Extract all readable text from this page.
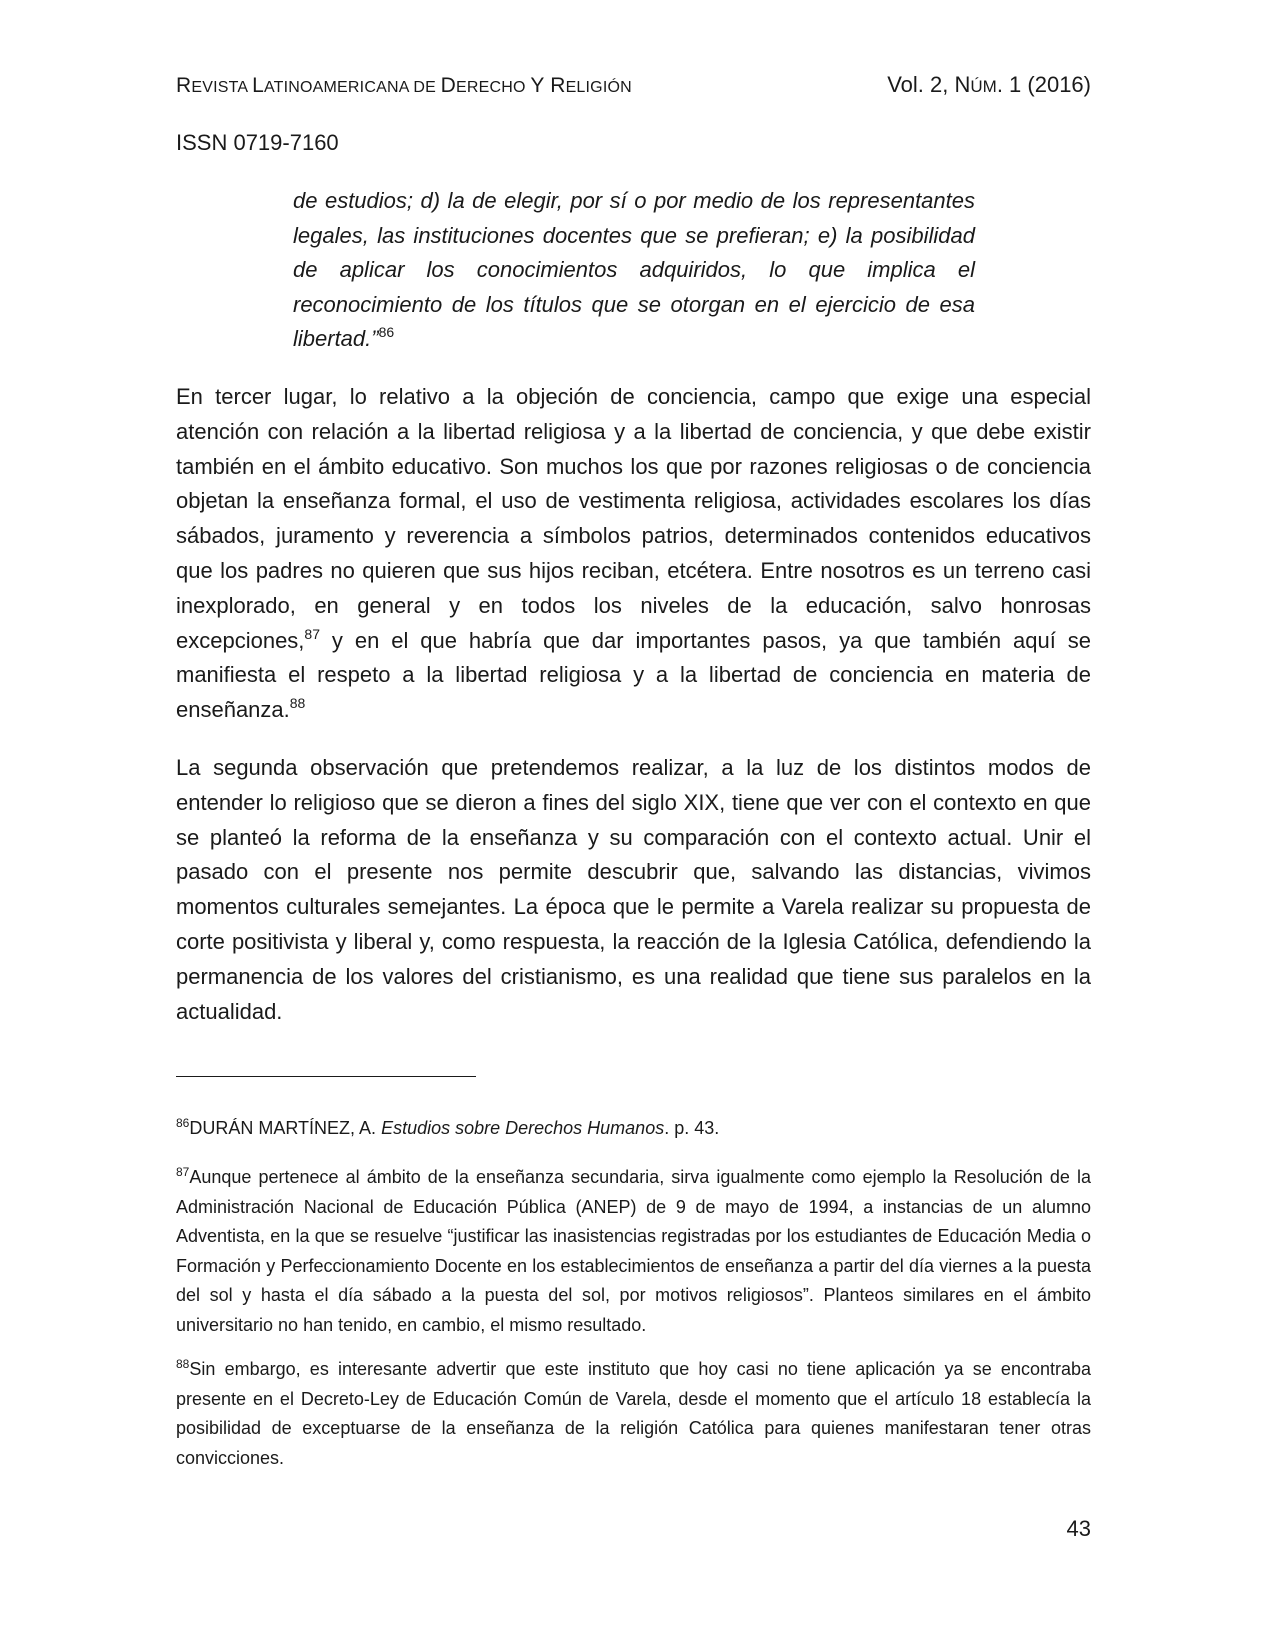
REVISTA LATINOAMERICANA DE DERECHO Y RELIGIÓN	Vol. 2, NÚM. 1 (2016)
ISSN 0719-7160
de estudios; d) la de elegir, por sí o por medio de los representantes legales, las instituciones docentes que se prefieran; e) la posibilidad de aplicar los conocimientos adquiridos, lo que implica el reconocimiento de los títulos que se otorgan en el ejercicio de esa libertad.”$^{86}$
En tercer lugar, lo relativo a la objeción de conciencia, campo que exige una especial atención con relación a la libertad religiosa y a la libertad de conciencia, y que debe existir también en el ámbito educativo. Son muchos los que por razones religiosas o de conciencia objetan la enseñanza formal, el uso de vestimenta religiosa, actividades escolares los días sábados, juramento y reverencia a símbolos patrios, determinados contenidos educativos que los padres no quieren que sus hijos reciban, etcétera. Entre nosotros es un terreno casi inexplorado, en general y en todos los niveles de la educación, salvo honrosas excepciones,$^{87}$ y en el que habría que dar importantes pasos, ya que también aquí se manifiesta el respeto a la libertad religiosa y a la libertad de conciencia en materia de enseñanza.$^{88}$
La segunda observación que pretendemos realizar, a la luz de los distintos modos de entender lo religioso que se dieron a fines del siglo XIX, tiene que ver con el contexto en que se planteó la reforma de la enseñanza y su comparación con el contexto actual. Unir el pasado con el presente nos permite descubrir que, salvando las distancias, vivimos momentos culturales semejantes. La época que le permite a Varela realizar su propuesta de corte positivista y liberal y, como respuesta, la reacción de la Iglesia Católica, defendiendo la permanencia de los valores del cristianismo, es una realidad que tiene sus paralelos en la actualidad.
$^{86}$DURÁN MARTÍNEZ, A. Estudios sobre Derechos Humanos. p. 43.
$^{87}$Aunque pertenece al ámbito de la enseñanza secundaria, sirva igualmente como ejemplo la Resolución de la Administración Nacional de Educación Pública (ANEP) de 9 de mayo de 1994, a instancias de un alumno Adventista, en la que se resuelve “justificar las inasistencias registradas por los estudiantes de Educación Media o Formación y Perfeccionamiento Docente en los establecimientos de enseñanza a partir del día viernes a la puesta del sol y hasta el día sábado a la puesta del sol, por motivos religiosos”. Planteos similares en el ámbito universitario no han tenido, en cambio, el mismo resultado.
$^{88}$Sin embargo, es interesante advertir que este instituto que hoy casi no tiene aplicación ya se encontraba presente en el Decreto-Ley de Educación Común de Varela, desde el momento que el artículo 18 establecía la posibilidad de exceptuarse de la enseñanza de la religión Católica para quienes manifestaran tener otras convicciones.
43
